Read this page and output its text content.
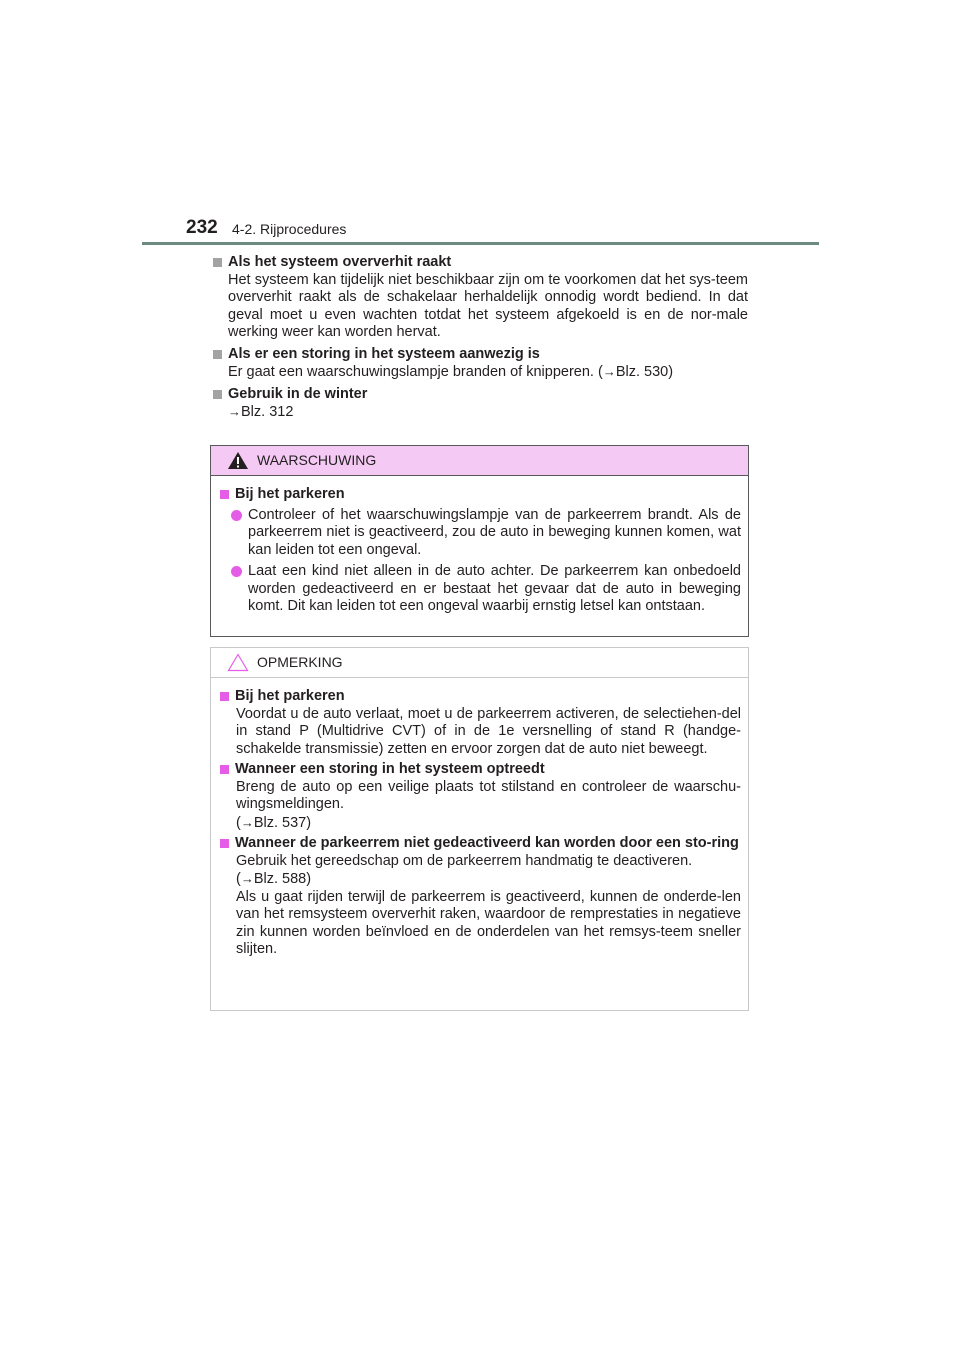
232 4-2. Rijprocedures
Als het systeem oververhit raakt
Het systeem kan tijdelijk niet beschikbaar zijn om te voorkomen dat het sys-teem oververhit raakt als de schakelaar herhaldelijk onnodig wordt bediend. In dat geval moet u even wachten totdat het systeem afgekoeld is en de nor-male werking weer kan worden hervat.
Als er een storing in het systeem aanwezig is
Er gaat een waarschuwingslampje branden of knipperen. (→Blz. 530)
Gebruik in de winter
→Blz. 312
WAARSCHUWING
Bij het parkeren
Controleer of het waarschuwingslampje van de parkeerrem brandt. Als de parkeerrem niet is geactiveerd, zou de auto in beweging kunnen komen, wat kan leiden tot een ongeval.
Laat een kind niet alleen in de auto achter. De parkeerrem kan onbedoeld worden gedeactiveerd en er bestaat het gevaar dat de auto in beweging komt. Dit kan leiden tot een ongeval waarbij ernstig letsel kan ontstaan.
OPMERKING
Bij het parkeren
Voordat u de auto verlaat, moet u de parkeerrem activeren, de selectiehen-del in stand P (Multidrive CVT) of in de 1e versnelling of stand R (handge-schakelde transmissie) zetten en ervoor zorgen dat de auto niet beweegt.
Wanneer een storing in het systeem optreedt
Breng de auto op een veilige plaats tot stilstand en controleer de waarschu-wingsmeldingen.
(→Blz. 537)
Wanneer de parkeerrem niet gedeactiveerd kan worden door een sto-ring
Gebruik het gereedschap om de parkeerrem handmatig te deactiveren.
(→Blz. 588)
Als u gaat rijden terwijl de parkeerrem is geactiveerd, kunnen de onderde-len van het remsysteem oververhit raken, waardoor de remprestaties in negatieve zin kunnen worden beïnvloed en de onderdelen van het remsys-teem sneller slijten.
